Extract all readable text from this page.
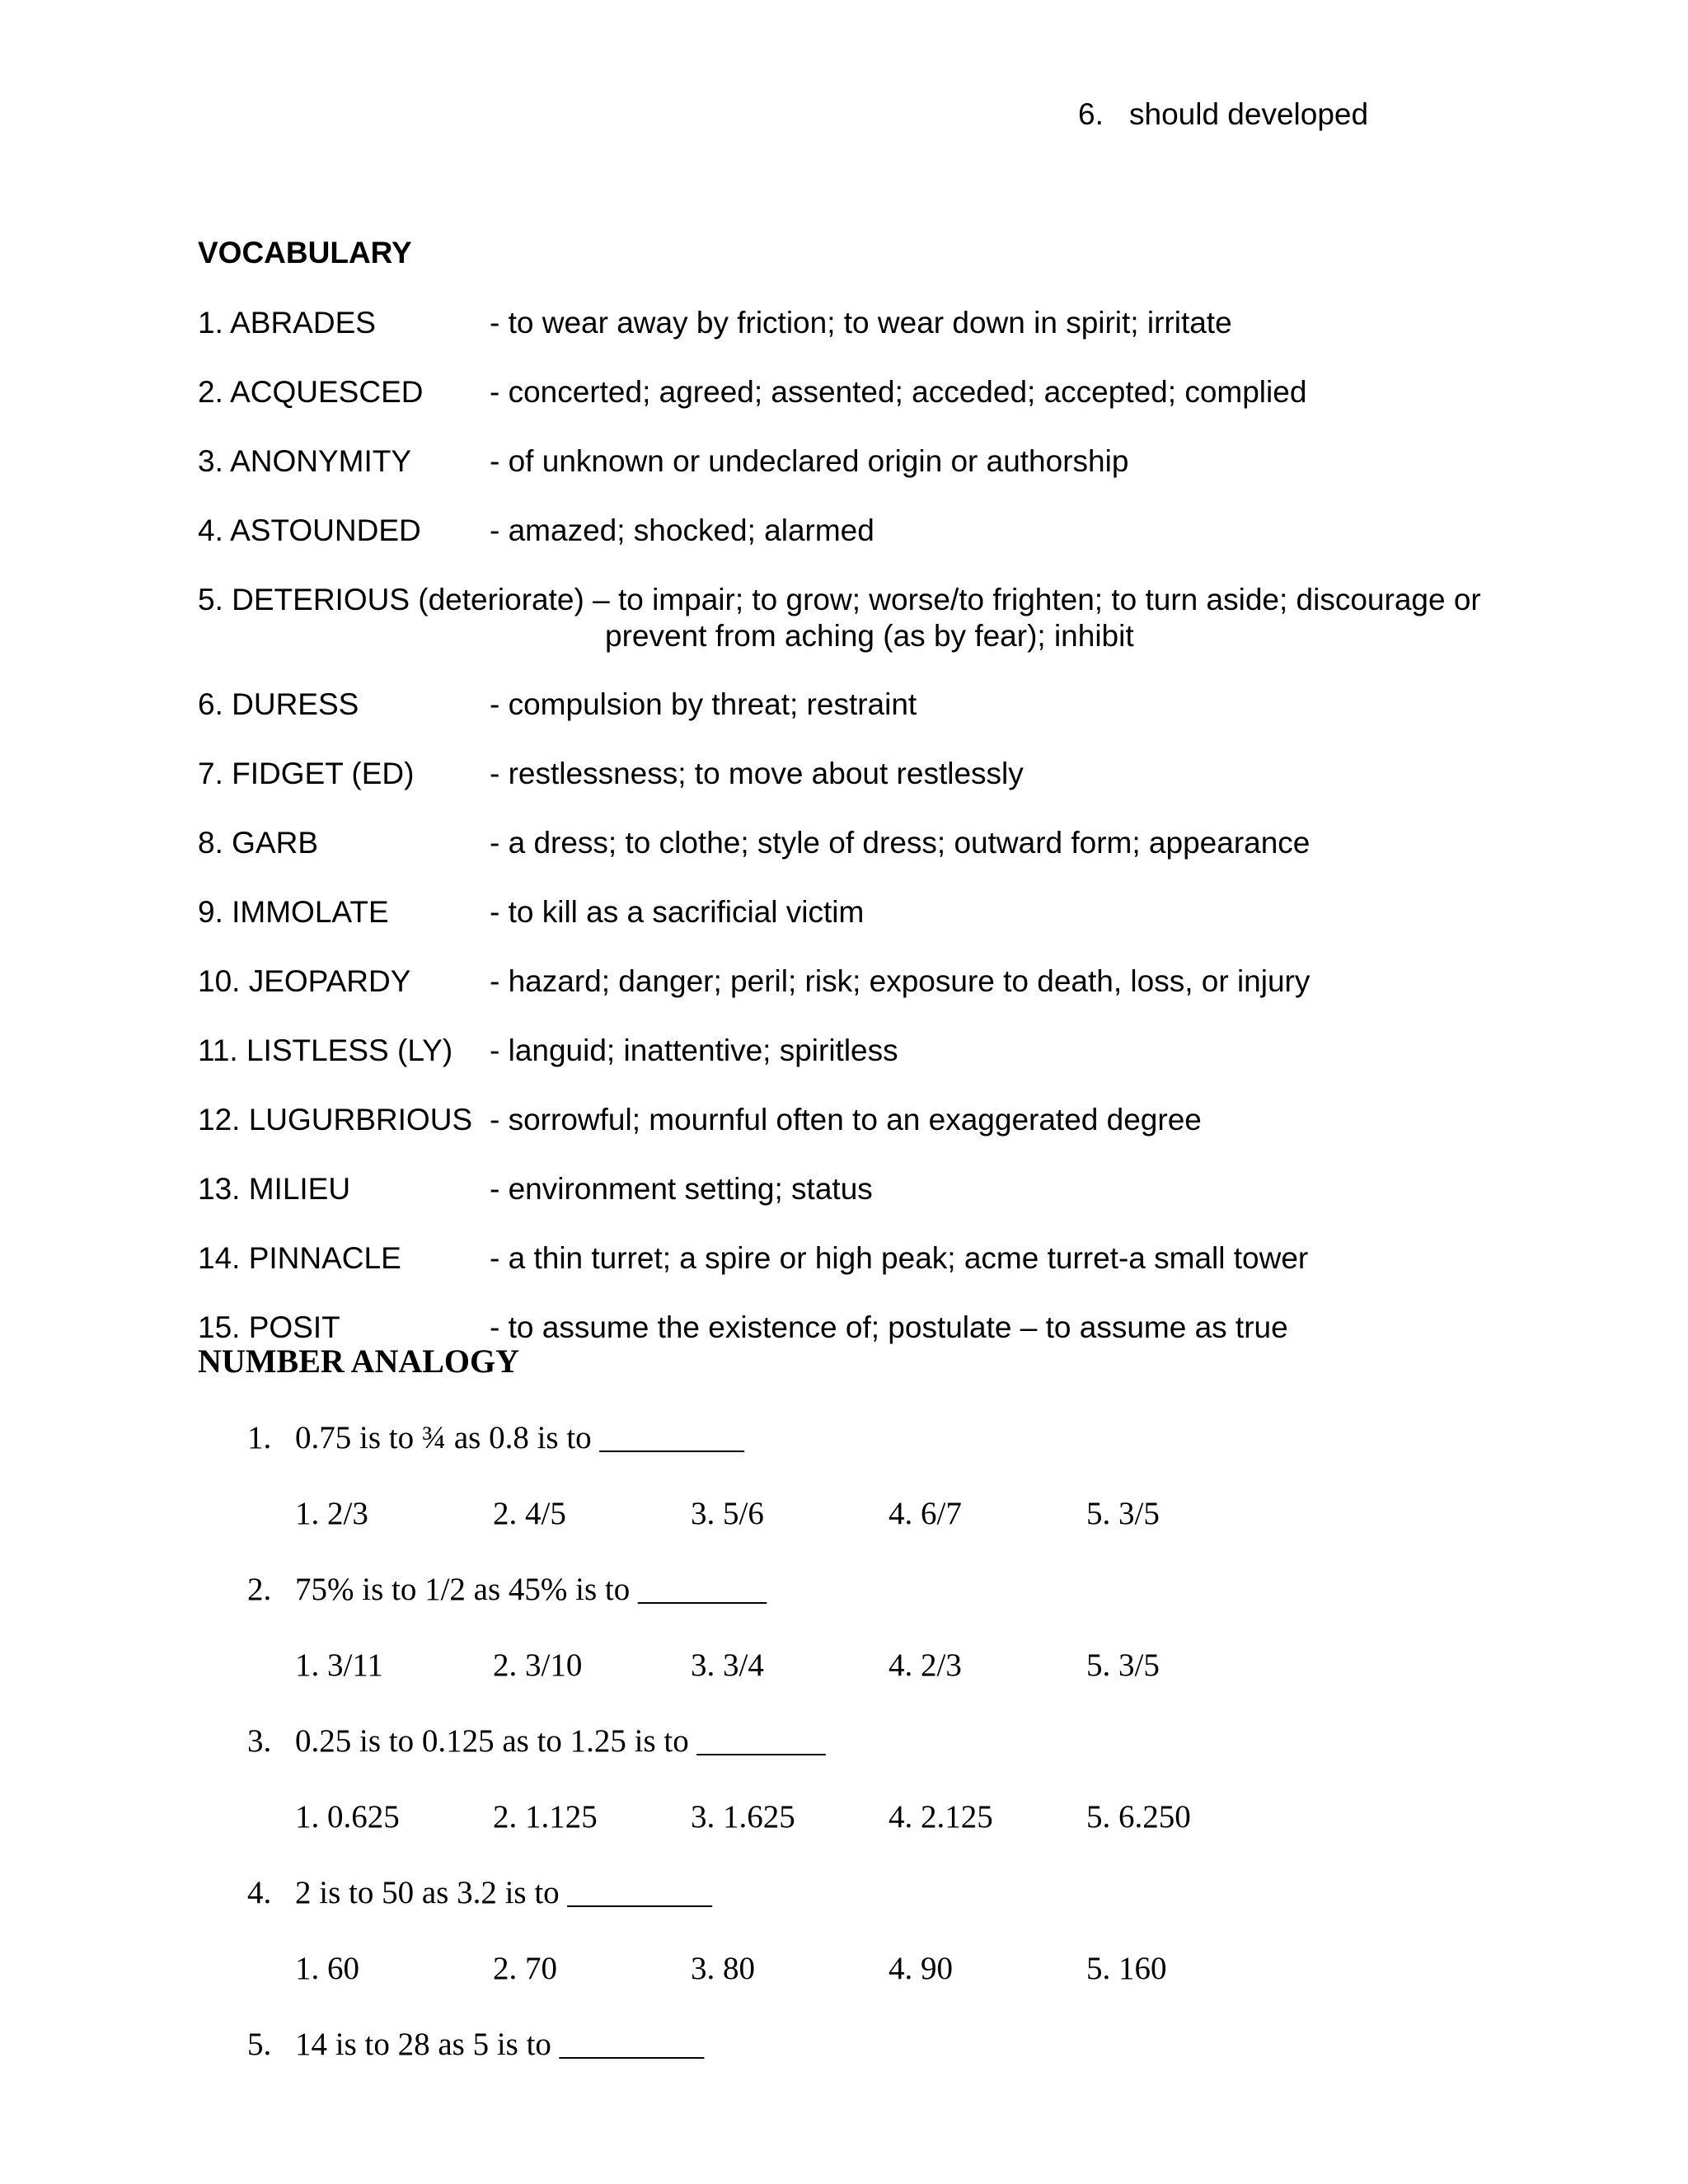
6. should developed
VOCABULARY
1. ABRADES	- to wear away by friction; to wear down in spirit; irritate
2. ACQUESCED - concerted; agreed; assented; acceded; accepted; complied
3. ANONYMITY	- of unknown or undeclared origin or authorship
4. ASTOUNDED - amazed; shocked; alarmed
5. DETERIOUS (deteriorate) – to impair; to grow; worse/to frighten; to turn aside; discourage or
prevent from aching (as by fear); inhibit
6. DURESS	- compulsion by threat; restraint
7. FIDGET (ED) - restlessness; to move about restlessly
8. GARB	- a dress; to clothe; style of dress; outward form; appearance
9. IMMOLATE	- to kill as a sacrificial victim
10. JEOPARDY	- hazard; danger; peril; risk; exposure to death, loss, or injury
11. LISTLESS (LY) - languid; inattentive; spiritless
12. LUGURBRIOUS - sorrowful; mournful often to an exaggerated degree
13. MILIEU	- environment setting; status
14. PINNACLE	- a thin turret; a spire or high peak; acme turret-a small tower
15. POSIT	- to assume the existence of; postulate – to assume as true
NUMBER ANALOGY
1. 0.75 is to ¾ as 0.8 is to _________
1. 2/3	2. 4/5	3. 5/6	4. 6/7	5. 3/5
2. 75% is to 1/2 as 45% is to ________
1. 3/11	2. 3/10	3. 3/4	4. 2/3	5. 3/5
3. 0.25 is to 0.125 as to 1.25 is to ________
1. 0.625	2. 1.125	3. 1.625	4. 2.125	5. 6.250
4. 2 is to 50 as 3.2 is to _________
1. 60	2. 70	3. 80	4. 90	5. 160
5. 14 is to 28 as 5 is to _________
